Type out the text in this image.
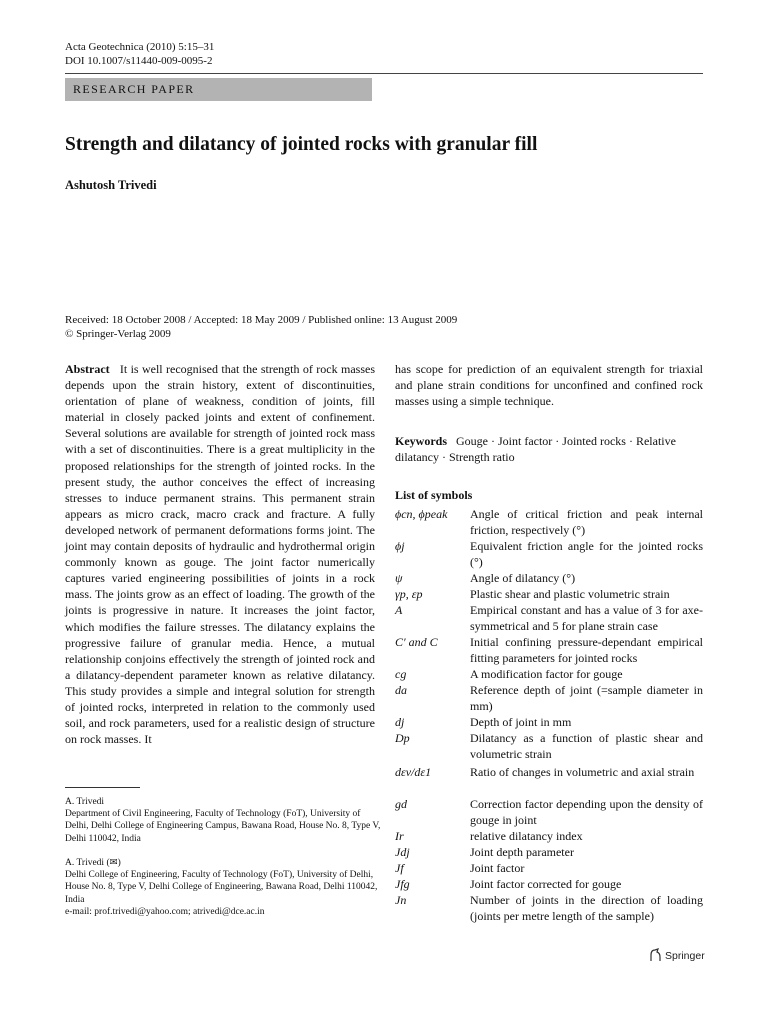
Acta Geotechnica (2010) 5:15–31
DOI 10.1007/s11440-009-0095-2
RESEARCH PAPER
Strength and dilatancy of jointed rocks with granular fill
Ashutosh Trivedi
Received: 18 October 2008 / Accepted: 18 May 2009 / Published online: 13 August 2009
© Springer-Verlag 2009
Abstract It is well recognised that the strength of rock masses depends upon the strain history, extent of discontinuities, orientation of plane of weakness, condition of joints, fill material in closely packed joints and extent of confinement. Several solutions are available for strength of jointed rock mass with a set of discontinuities. There is a great multiplicity in the proposed relationships for the strength of jointed rocks. In the present study, the author conceives the effect of increasing stresses to induce permanent strains. This permanent strain appears as micro crack, macro crack and fracture. A fully developed network of permanent deformations forms joint. The joint may contain deposits of hydraulic and hydrothermal origin commonly known as gouge. The joint factor numerically captures varied engineering possibilities of joints in a rock mass. The joints grow as an effect of loading. The growth of the joints is progressive in nature. It increases the joint factor, which modifies the failure stresses. The dilatancy explains the progressive failure of granular media. Hence, a mutual relationship conjoins effectively the strength of jointed rock and a dilatancy-dependent parameter known as relative dilatancy. This study provides a simple and integral solution for strength of jointed rocks, interpreted in relation to the commonly used soil, and rock parameters, used for a realistic design of structure on rock masses. It
has scope for prediction of an equivalent strength for triaxial and plane strain conditions for unconfined and confined rock masses using a simple technique.
Keywords Gouge · Joint factor · Jointed rocks · Relative dilatancy · Strength ratio
List of symbols
ϕcn, ϕpeak	Angle of critical friction and peak internal friction, respectively (°)
ϕj	Equivalent friction angle for the jointed rocks (°)
ψ	Angle of dilatancy (°)
γp, εp	Plastic shear and plastic volumetric strain
A	Empirical constant and has a value of 3 for axe-symmetrical and 5 for plane strain case
C′ and C	Initial confining pressure-dependant empirical fitting parameters for jointed rocks
cg	A modification factor for gouge
da	Reference depth of joint (=sample diameter in mm)
dj	Depth of joint in mm
Dp	Dilatancy as a function of plastic shear and volumetric strain
dεv/dε1	Ratio of changes in volumetric and axial strain
gd	Correction factor depending upon the density of gouge in joint
Ir	relative dilatancy index
Jdj	Joint depth parameter
Jf	Joint factor
Jfg	Joint factor corrected for gouge
Jn	Number of joints in the direction of loading (joints per metre length of the sample)
A. Trivedi
Department of Civil Engineering, Faculty of Technology (FoT), University of Delhi, Delhi College of Engineering Campus, Bawana Road, House No. 8, Type V, Delhi 110042, India
A. Trivedi (✉)
Delhi College of Engineering, Faculty of Technology (FoT), University of Delhi, House No. 8, Type V, Delhi College of Engineering, Bawana Road, Delhi 110042, India
e-mail: prof.trivedi@yahoo.com; atrivedi@dce.ac.in
Springer
